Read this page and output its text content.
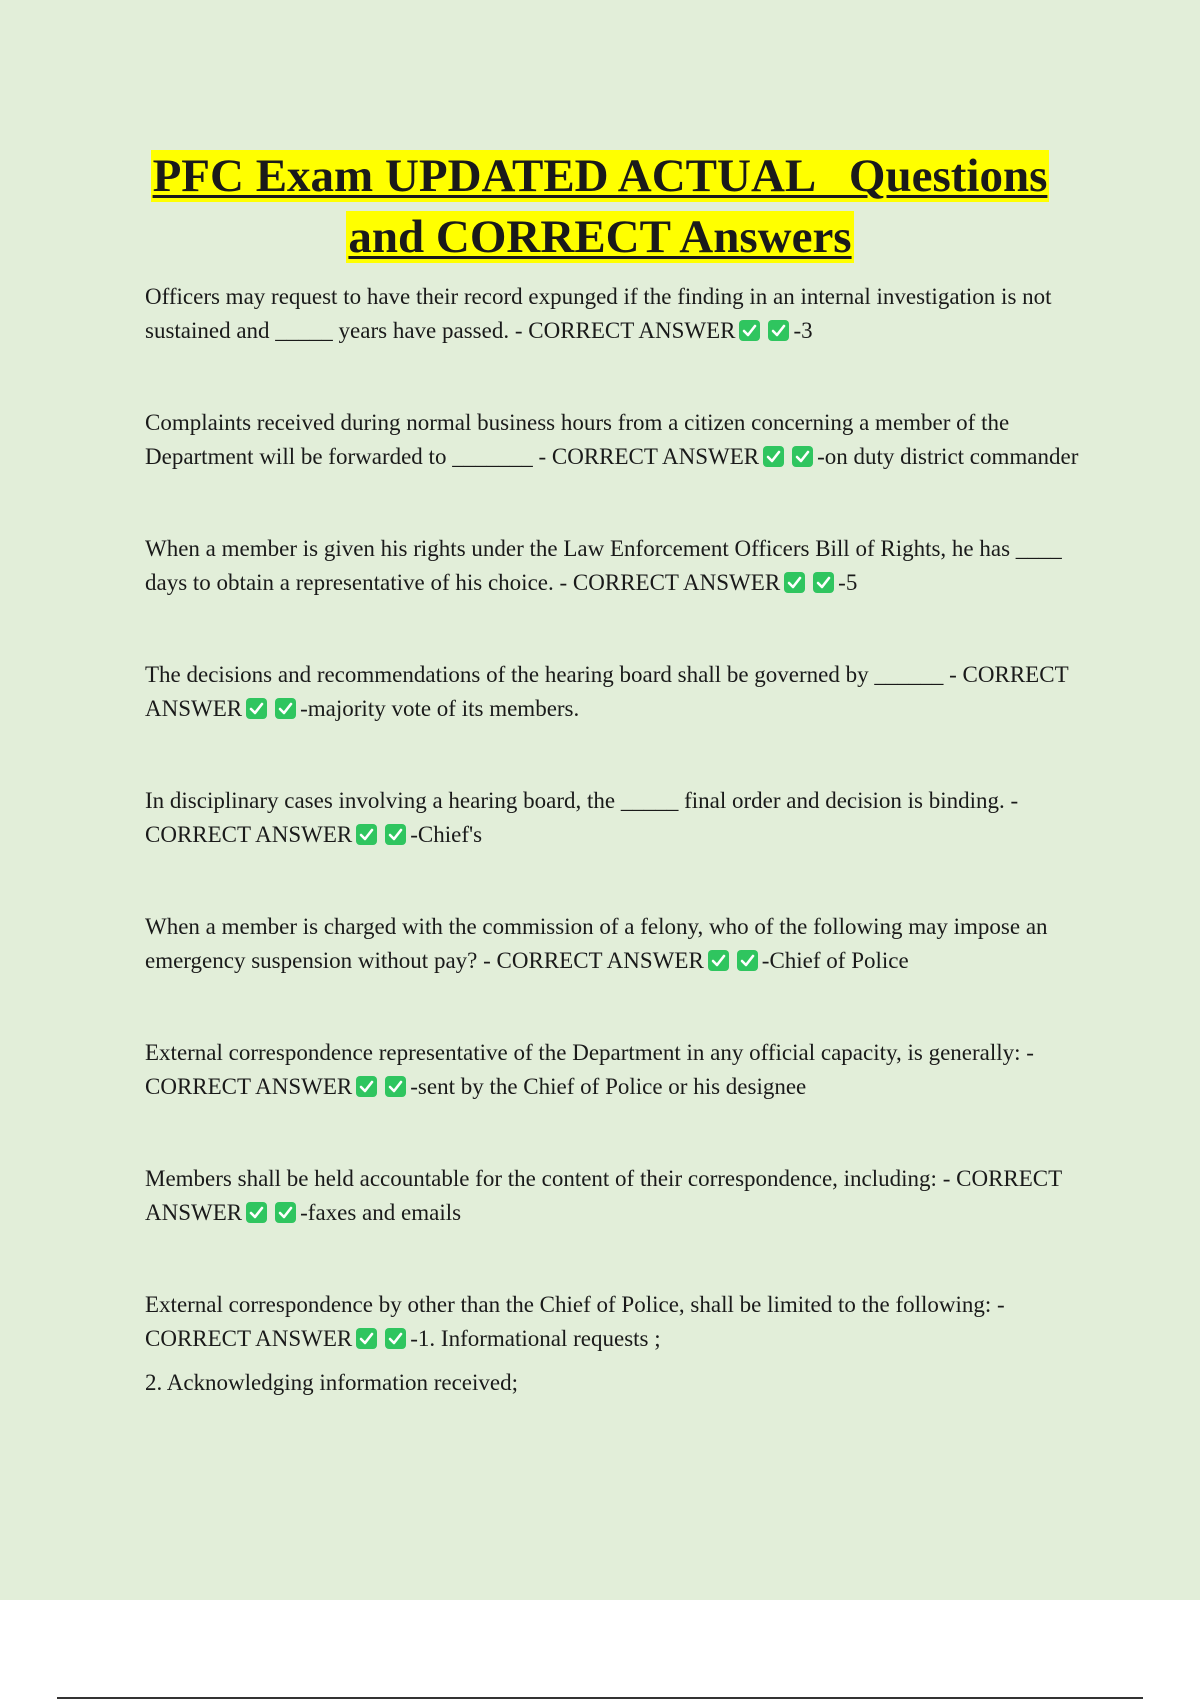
PFC Exam UPDATED ACTUAL   Questions
and CORRECT Answers

Officers may request to have their record expunged if the finding in an internal investigation is not sustained and _____ years have passed. - CORRECT ANSWER	-3

Complaints received during normal business hours from a citizen concerning a member of the Department will be forwarded to _______ - CORRECT ANSWER	-on duty district commander

When a member is given his rights under the Law Enforcement Officers Bill of Rights, he has ____ days to obtain a representative of his choice. - CORRECT ANSWER	-5

The decisions and recommendations of the hearing board shall be governed by ______ - CORRECT ANSWER	-majority vote of its members.

In disciplinary cases involving a hearing board, the _____ final order and decision is binding. - CORRECT ANSWER	-Chief's

When a member is charged with the commission of a felony, who of the following may impose an emergency suspension without pay? - CORRECT ANSWER	-Chief of Police

External correspondence representative of the Department in any official capacity, is generally: - CORRECT ANSWER	-sent by the Chief of Police or his designee

Members shall be held accountable for the content of their correspondence, including: - CORRECT ANSWER	-faxes and emails

External correspondence by other than the Chief of Police, shall be limited to the following: - CORRECT ANSWER	-1. Informational requests ;
2. Acknowledging information received;
